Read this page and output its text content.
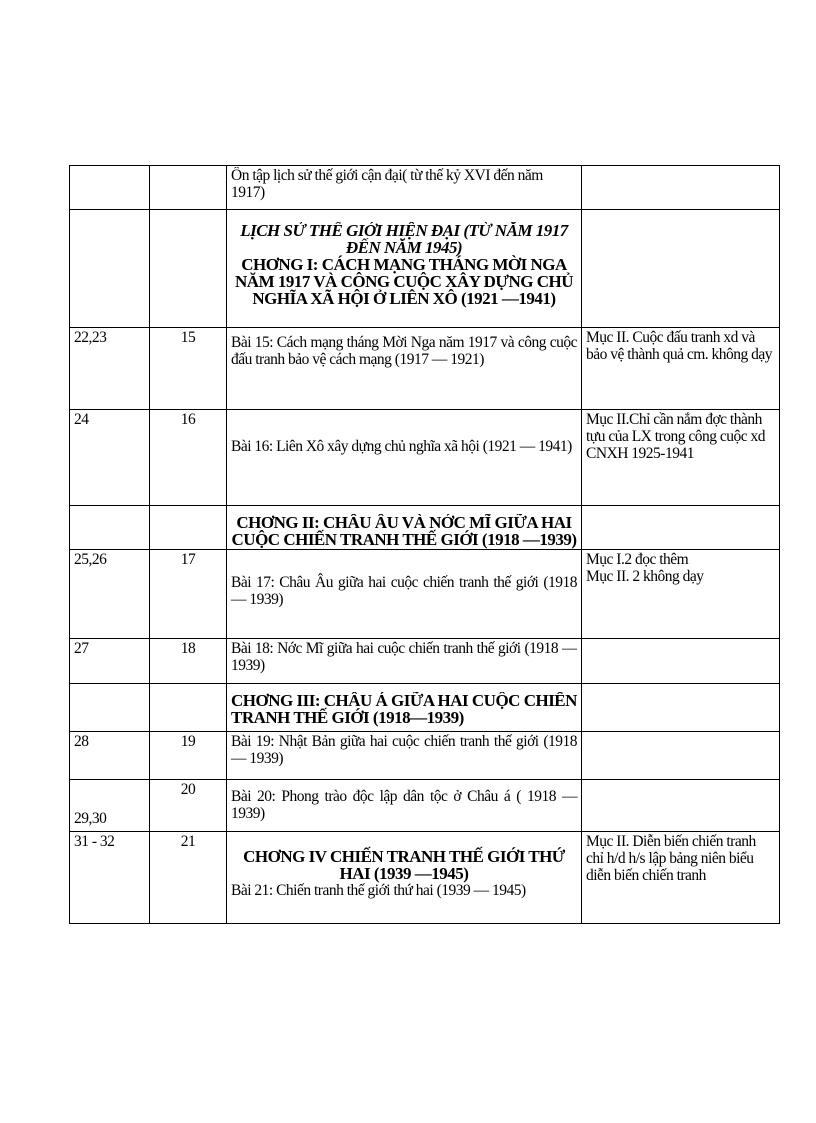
		Ôn tập lịch sử thế giới cận đại( từ thế kỷ XVI đến năm 1917)	

		LỊCH SỬ THẾ GIỚI HIỆN ĐẠI (TỪ NĂM 1917 ĐẾN NĂM 1945)
CHƠNG I: CÁCH MẠNG THÁNG MỜI NGA NĂM 1917 VÀ CÔNG CUỘC XÂY DỰNG CHỦ NGHĨA XÃ HỘI Ở LIÊN XÔ (1921 —1941)	

22,23	15	Bài 15: Cách mạng tháng Mời Nga năm 1917 và công cuộc đấu tranh bảo vệ cách mạng (1917 — 1921)	Mục II. Cuộc đấu tranh xd và bảo vệ thành quả cm. không dạy
24	16	Bài 16: Liên Xô xây dựng chủ nghĩa xã hội (1921 — 1941)	Mục II.Chỉ cần nắm đợc thành tựu của LX trong công cuộc xd CNXH 1925-1941

		CHƠNG II: CHÂU ÂU VÀ NỚC MĨ GIỮA HAI CUỘC CHIẾN TRANH THẾ GIỚI (1918 —1939)	

25,26	17	Bài 17: Châu Âu giữa hai cuộc chiến tranh thế giới (1918 — 1939)	Mục I.2 đọc thêm
Mục II. 2 không dạy
27	18	Bài 18: Nớc Mĩ giữa hai cuộc chiến tranh thế giới (1918 — 1939)	

		CHƠNG III: CHÂU Á GIỮA HAI CUỘC CHIẾN TRANH THẾ GIỚI (1918—1939)	

28	19	Bài 19: Nhật Bản giữa hai cuộc chiến tranh thế giới (1918 — 1939)	

29,30	20	Bài 20: Phong trào độc lập dân tộc ở Châu á ( 1918 — 1939)	

31 - 32	21	CHƠNG IV CHIẾN TRANH THẾ GIỚI THỨ HAI (1939 —1945)
Bài 21: Chiến tranh thế giới thứ hai (1939 — 1945)	Mục II. Diễn biến chiến tranh chỉ h/d h/s lập bảng niên biểu diễn biến chiến tranh
